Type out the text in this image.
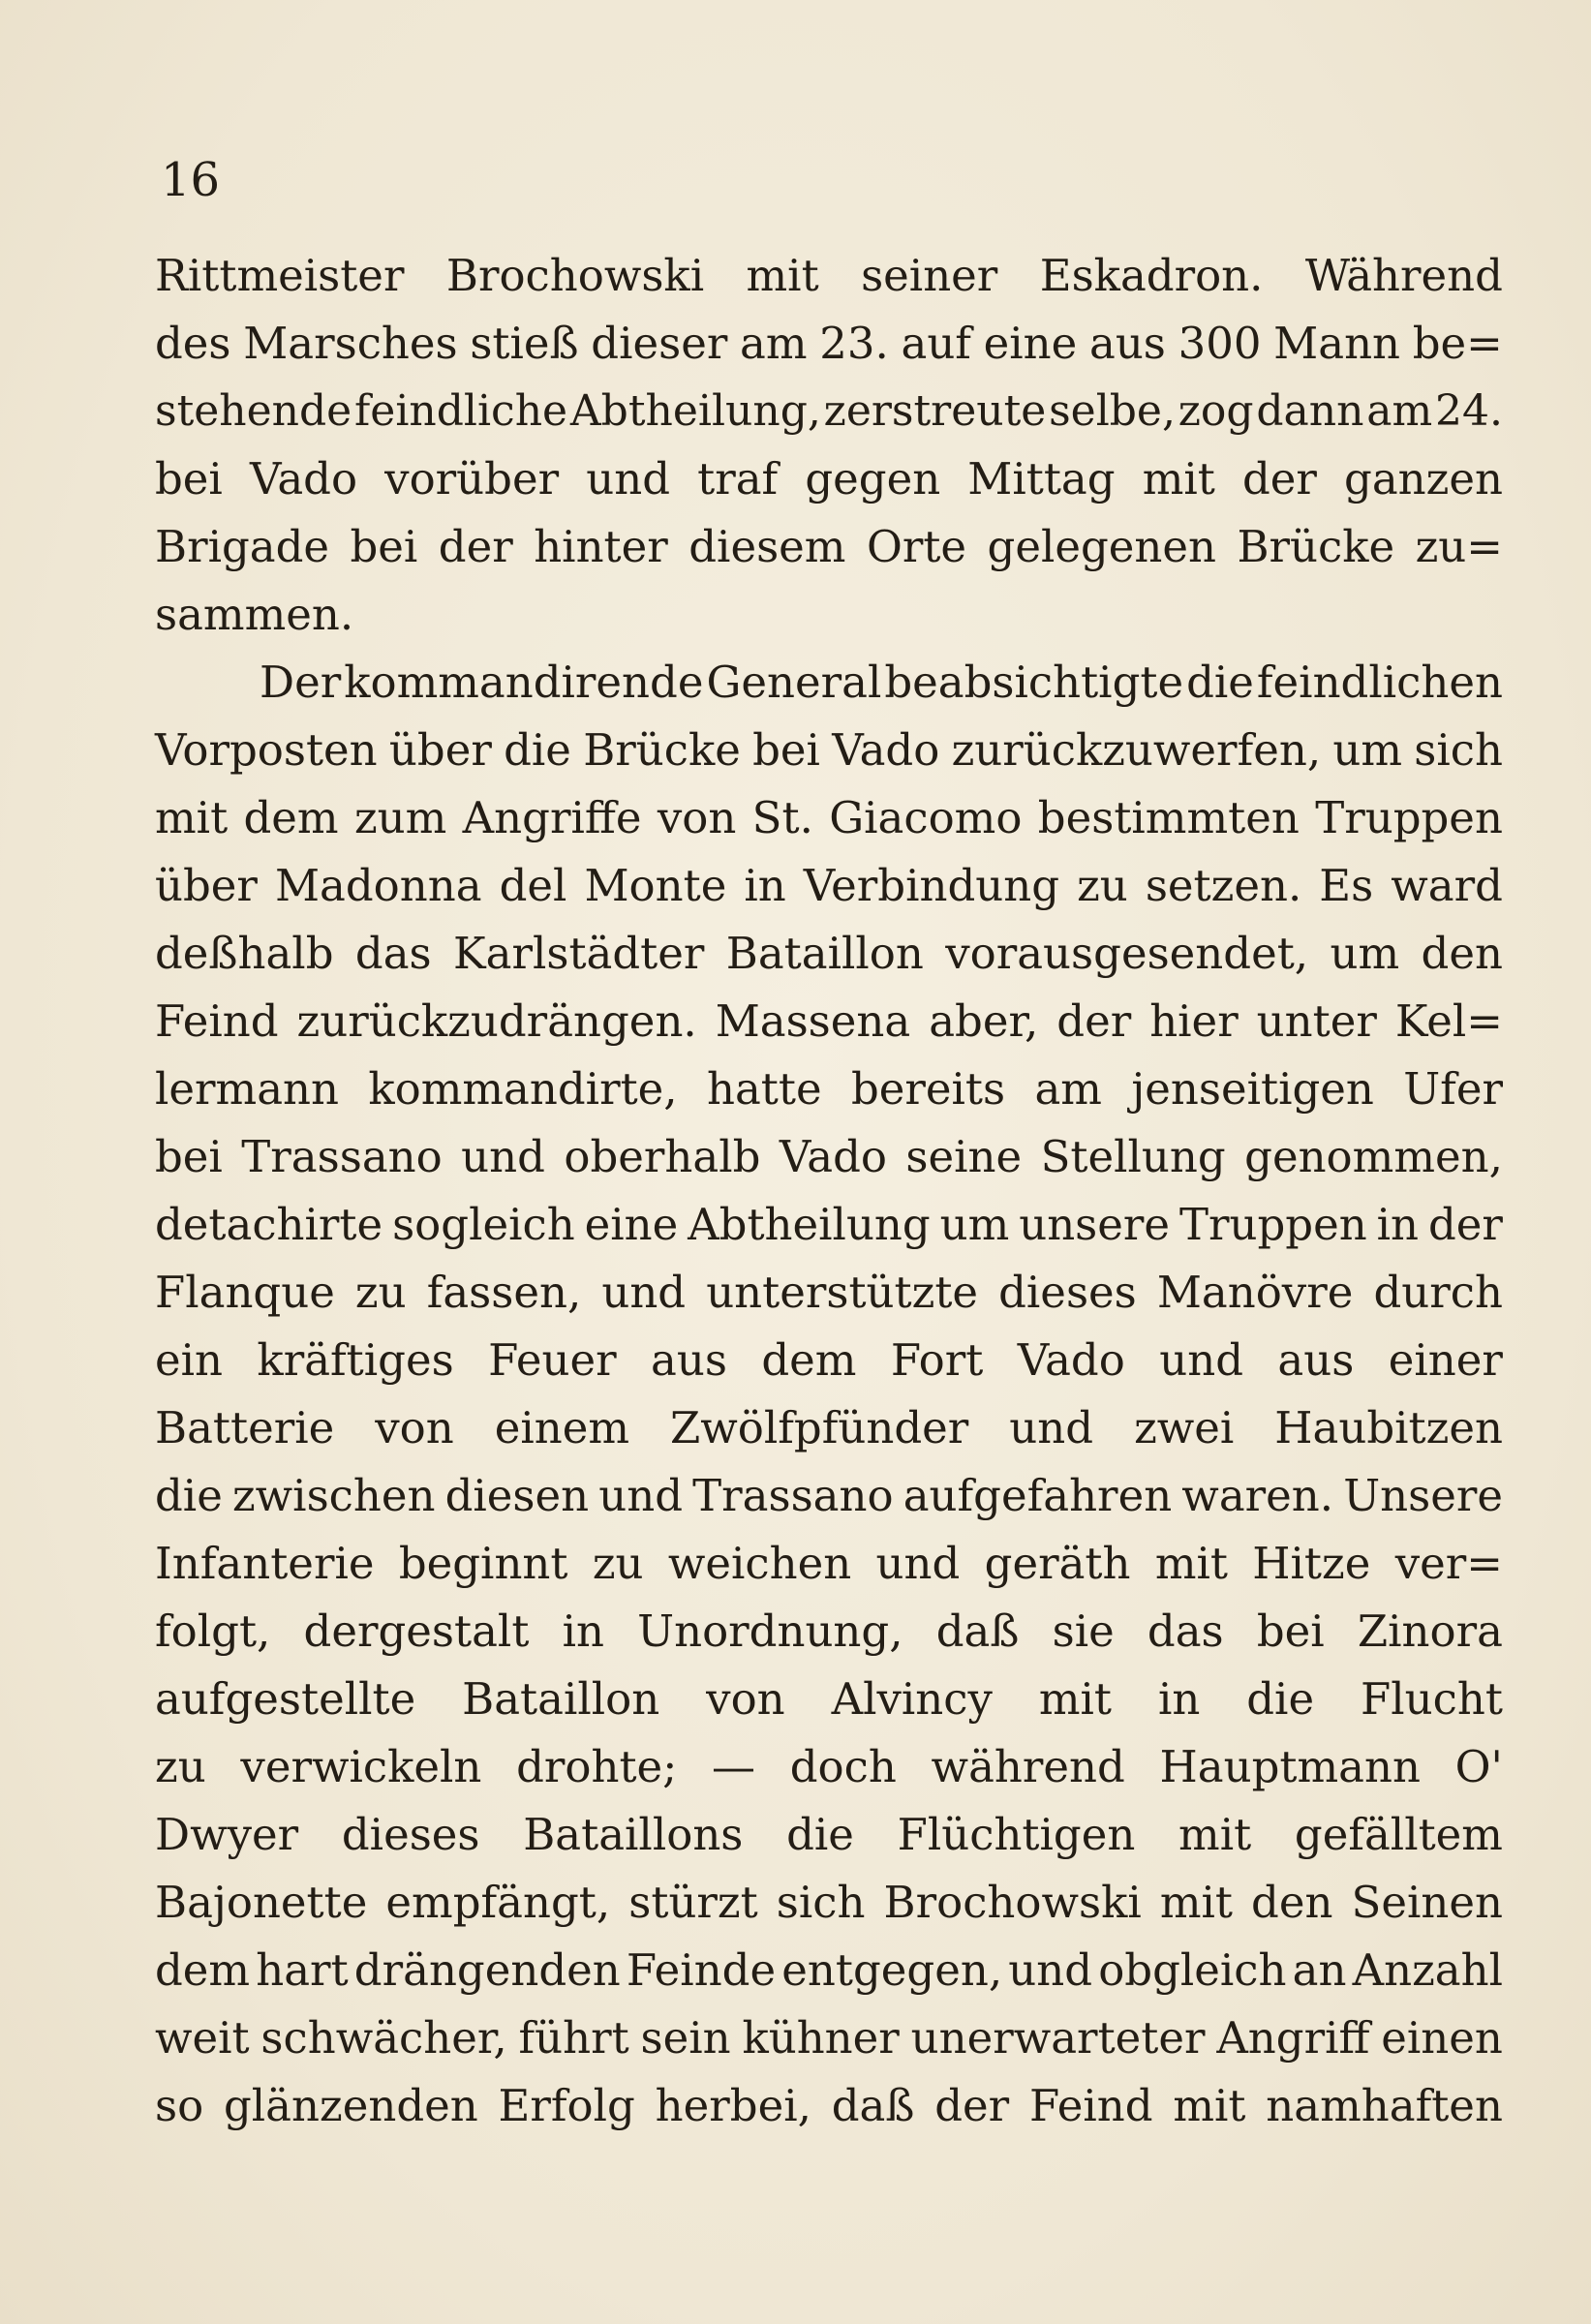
16
Rittmeister Brochowski mit seiner Eskadron. Während
des Marsches stieß dieser am 23. auf eine aus 300 Mann be=
stehende feindliche Abtheilung, zerstreute selbe, zog dann am 24.
bei Vado vorüber und traf gegen Mittag mit der ganzen
Brigade bei der hinter diesem Orte gelegenen Brücke zu=
sammen.
Der kommandirende General beabsichtigte die feindlichen
Vorposten über die Brücke bei Vado zurückzuwerfen, um sich
mit dem zum Angriffe von St. Giacomo bestimmten Truppen
über Madonna del Monte in Verbindung zu setzen. Es ward
deßhalb das Karlstädter Bataillon vorausgesendet, um den
Feind zurückzudrängen. Massena aber, der hier unter Kel=
lermann kommandirte, hatte bereits am jenseitigen Ufer
bei Trassano und oberhalb Vado seine Stellung genommen,
detachirte sogleich eine Abtheilung um unsere Truppen in der
Flanque zu fassen, und unterstützte dieses Manövre durch
ein kräftiges Feuer aus dem Fort Vado und aus einer
Batterie von einem Zwölfpfünder und zwei Haubitzen
die zwischen diesen und Trassano aufgefahren waren. Unsere
Infanterie beginnt zu weichen und geräth mit Hitze ver=
folgt, dergestalt in Unordnung, daß sie das bei Zinora
aufgestellte Bataillon von Alvincy mit in die Flucht
zu verwickeln drohte; — doch während Hauptmann O'
Dwyer dieses Bataillons die Flüchtigen mit gefälltem
Bajonette empfängt, stürzt sich Brochowski mit den Seinen
dem hart drängenden Feinde entgegen, und obgleich an Anzahl
weit schwächer, führt sein kühner unerwarteter Angriff einen
so glänzenden Erfolg herbei, daß der Feind mit namhaften
